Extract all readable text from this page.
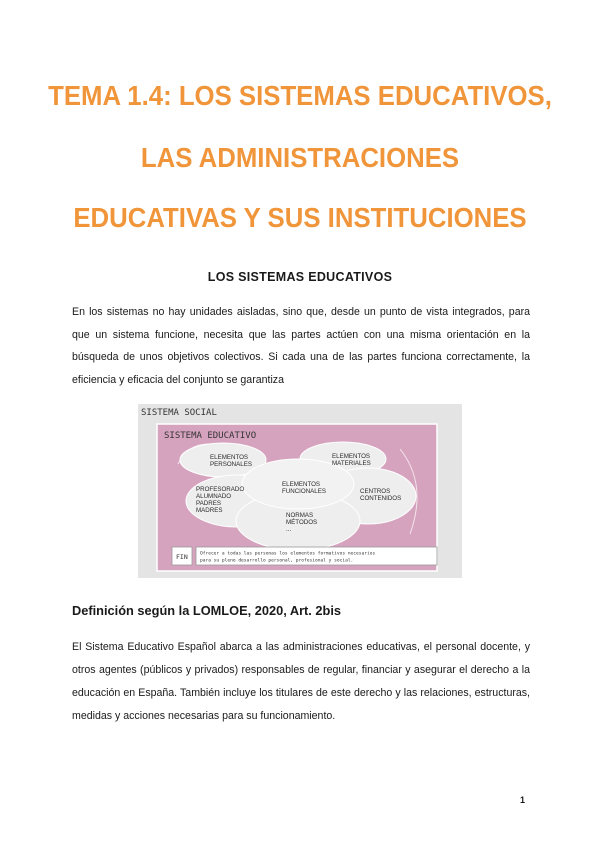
TEMA 1.4: LOS SISTEMAS EDUCATIVOS,
LAS ADMINISTRACIONES
EDUCATIVAS Y SUS INSTITUCIONES
LOS SISTEMAS EDUCATIVOS

En los sistemas no hay unidades aisladas, sino que, desde un punto de vista integrados, para que un sistema funcione, necesita que las partes actúen con una misma orientación en la búsqueda de unos objetivos colectivos. Si cada una de las partes funciona correctamente, la eficiencia y eficacia del conjunto se garantiza

SISTEMA SOCIAL
SISTEMA EDUCATIVO
ELEMENTOS
PERSONALES
ELEMENTOS
MATERIALES
PROFESORADO
ALUMNADO
PADRES
MADRES
ELEMENTOS
FUNCIONALES	CENTROS
CONTENIDOS
NORMAS
MÉTODOS
...
FIN	Ofrecer a todas las personas los elementos formativos necesarios
para su pleno desarrollo personal, profesional y social.
Definición según la LOMLOE, 2020, Art. 2bis

El Sistema Educativo Español abarca a las administraciones educativas, el personal docente, y otros agentes (públicos y privados) responsables de regular, financiar y asegurar el derecho a la educación en España. También incluye los titulares de este derecho y las relaciones, estructuras, medidas y acciones necesarias para su funcionamiento.

1
